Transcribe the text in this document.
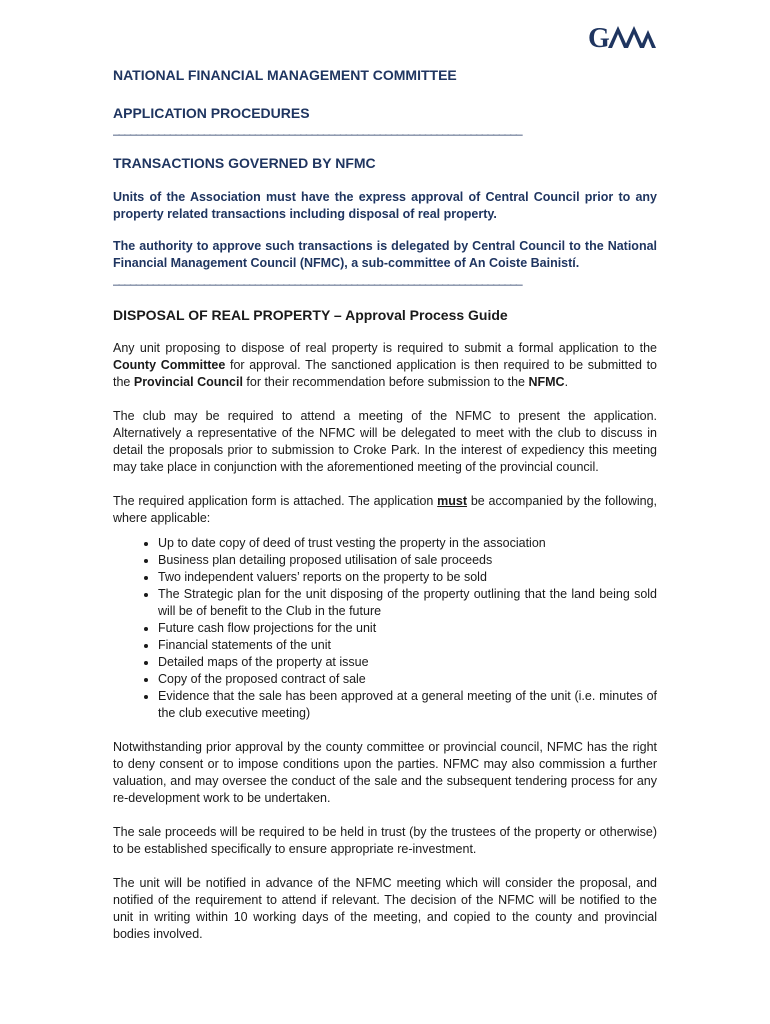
G

NATIONAL FINANCIAL MANAGEMENT COMMITTEE

APPLICATION PROCEDURES

________________________________________________________________________

TRANSACTIONS GOVERNED BY NFMC

Units of the Association must have the express approval of Central Council prior to any property related transactions including disposal of real property.

The authority to approve such transactions is delegated by Central Council to the National Financial Management Council (NFMC), a sub-committee of An Coiste Bainistí.

________________________________________________________________________

DISPOSAL OF REAL PROPERTY – Approval Process Guide

Any unit proposing to dispose of real property is required to submit a formal application to the County Committee for approval. The sanctioned application is then required to be submitted to the Provincial Council for their recommendation before submission to the NFMC.

The club may be required to attend a meeting of the NFMC to present the application. Alternatively a representative of the NFMC will be delegated to meet with the club to discuss in detail the proposals prior to submission to Croke Park. In the interest of expediency this meeting may take place in conjunction with the aforementioned meeting of the provincial council.

The required application form is attached. The application must be accompanied by the following, where applicable:

• Up to date copy of deed of trust vesting the property in the association
• Business plan detailing proposed utilisation of sale proceeds
• Two independent valuers’ reports on the property to be sold
• The Strategic plan for the unit disposing of the property outlining that the land being sold will be of benefit to the Club in the future
• Future cash flow projections for the unit
• Financial statements of the unit
• Detailed maps of the property at issue
• Copy of the proposed contract of sale
• Evidence that the sale has been approved at a general meeting of the unit (i.e. minutes of the club executive meeting)

Notwithstanding prior approval by the county committee or provincial council, NFMC has the right to deny consent or to impose conditions upon the parties. NFMC may also commission a further valuation, and may oversee the conduct of the sale and the subsequent tendering process for any re-development work to be undertaken.

The sale proceeds will be required to be held in trust (by the trustees of the property or otherwise) to be established specifically to ensure appropriate re-investment.

The unit will be notified in advance of the NFMC meeting which will consider the proposal, and notified of the requirement to attend if relevant. The decision of the NFMC will be notified to the unit in writing within 10 working days of the meeting, and copied to the county and provincial bodies involved.
